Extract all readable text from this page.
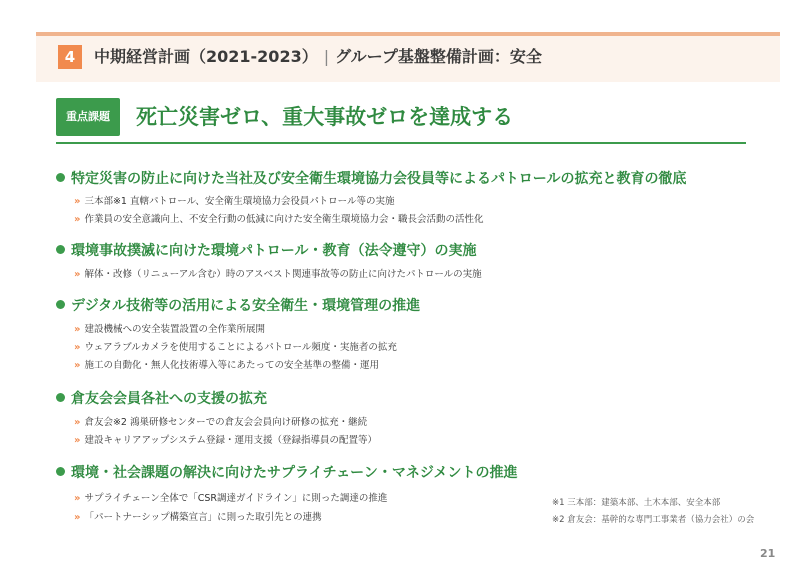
4	中期経営計画（2021-2023） | グループ基盤整備計画：安全
重点課題	死亡災害ゼロ、重大事故ゼロを達成する
特定災害の防止に向けた当社及び安全衛生環境協力会役員等によるパトロールの拡充と教育の徹底
» 三本部※1 直轄パトロール、安全衛生環境協力会役員パトロール等の実施
» 作業員の安全意識向上、不安全行動の低減に向けた安全衛生環境協力会・職長会活動の活性化
環境事故撲滅に向けた環境パトロール・教育（法令遵守）の実施
» 解体・改修（リニューアル含む）時のアスベスト関連事故等の防止に向けたパトロールの実施
デジタル技術等の活用による安全衛生・環境管理の推進
» 建設機械への安全装置設置の全作業所展開
» ウェアラブルカメラを使用することによるパトロール頻度・実施者の拡充
» 施工の自動化・無人化技術導入等にあたっての安全基準の整備・運用
倉友会会員各社への支援の拡充
» 倉友会※2 鴻巣研修センターでの倉友会会員向け研修の拡充・継続
» 建設キャリアアップシステム登録・運用支援（登録指導員の配置等）
環境・社会課題の解決に向けたサプライチェーン・マネジメントの推進
» サプライチェーン全体で「CSR調達ガイドライン」に則った調達の推進
» 「パートナーシップ構築宣言」に則った取引先との連携
※1 三本部：建築本部、土木本部、安全本部
※2 倉友会：基幹的な専門工事業者（協力会社）の会
21
